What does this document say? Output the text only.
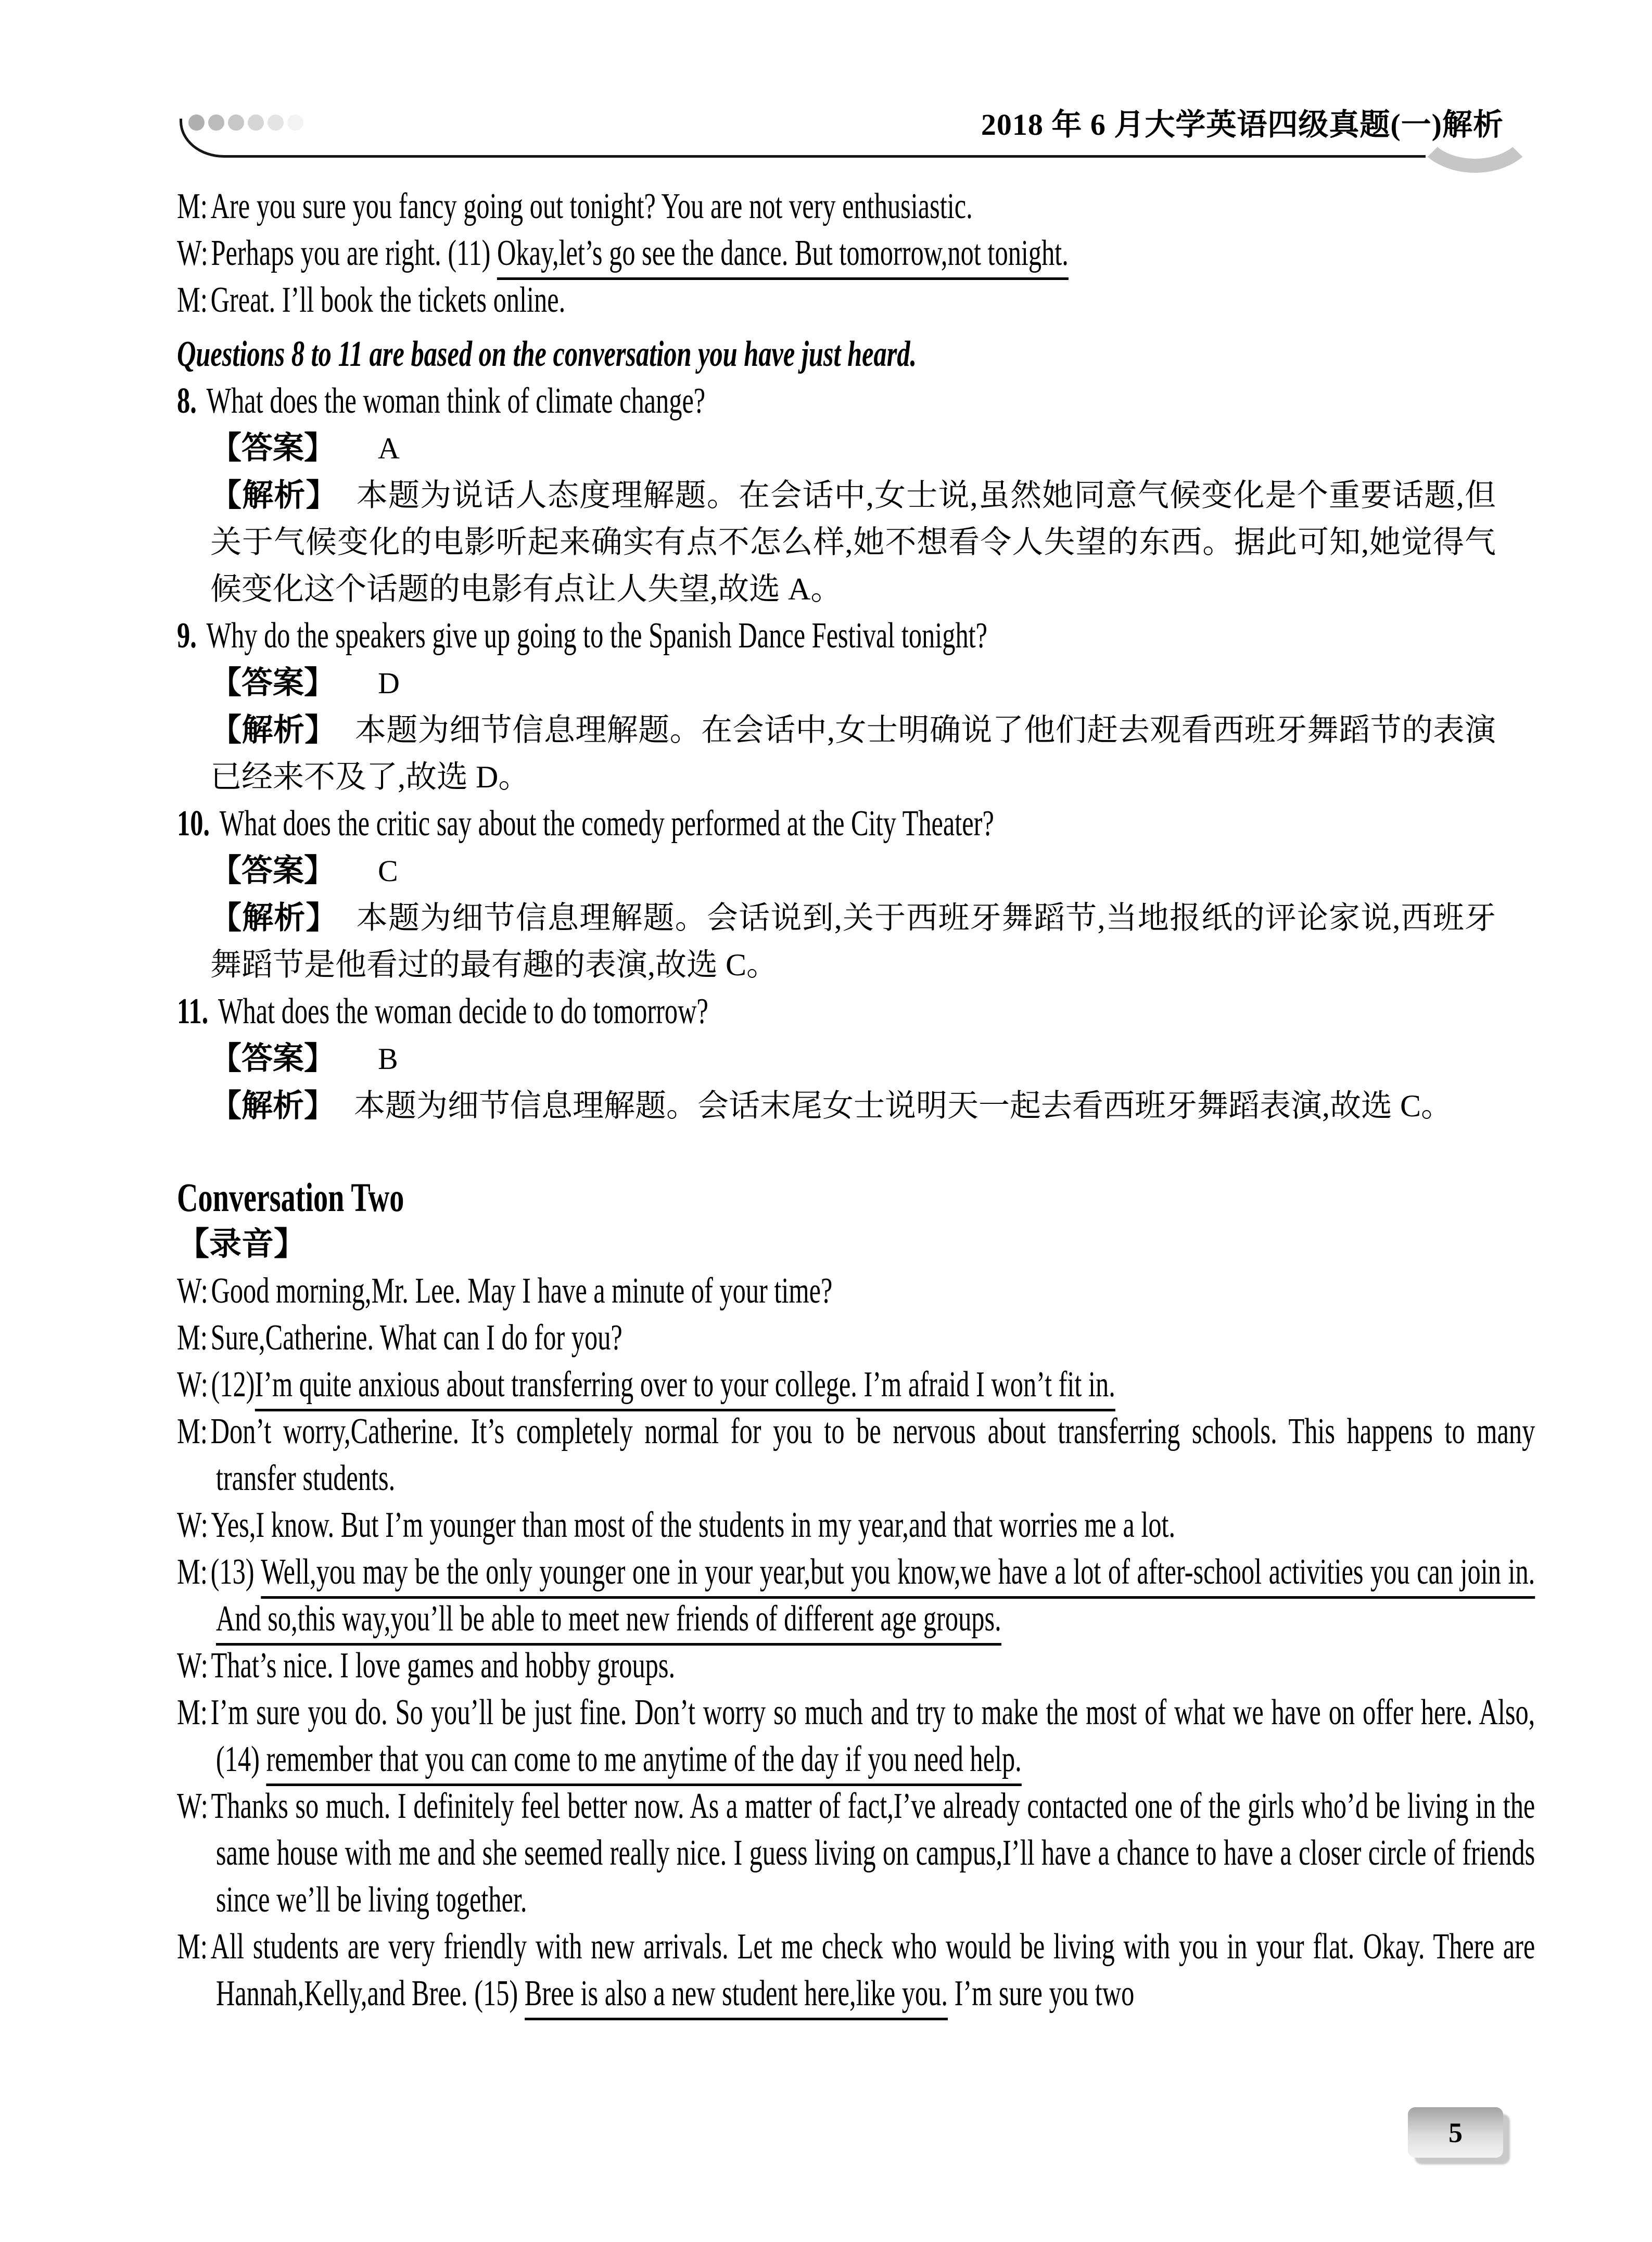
2018 年 6 月大学英语四级真题(一)解析

M:Are you sure you fancy going out tonight? You are not very enthusiastic.

W:Perhaps you are right. (11) Okay,let’s go see the dance. But tomorrow,not tonight.

M:Great. I’ll book the tickets online.

Questions 8 to 11 are based on the conversation you have just heard.

8. What does the woman think of climate change?

【答案】 A

【解析】 本题为说话人态度理解题。在会话中,女士说,虽然她同意气候变化是个重要话题,但关于气候变化的电影听起来确实有点不怎么样,她不想看令人失望的东西。据此可知,她觉得气候变化这个话题的电影有点让人失望,故选 A。

9. Why do the speakers give up going to the Spanish Dance Festival tonight?

【答案】 D

【解析】 本题为细节信息理解题。在会话中,女士明确说了他们赶去观看西班牙舞蹈节的表演已经来不及了,故选 D。

10. What does the critic say about the comedy performed at the City Theater?

【答案】 C

【解析】 本题为细节信息理解题。会话说到,关于西班牙舞蹈节,当地报纸的评论家说,西班牙舞蹈节是他看过的最有趣的表演,故选 C。

11. What does the woman decide to do tomorrow?

【答案】 B

【解析】 本题为细节信息理解题。会话末尾女士说明天一起去看西班牙舞蹈表演,故选 C。

Conversation Two

【录音】

W:Good morning,Mr. Lee. May I have a minute of your time?

M:Sure,Catherine. What can I do for you?

W:(12)I’m quite anxious about transferring over to your college. I’m afraid I won’t fit in.

M:Don’t worry,Catherine. It’s completely normal for you to be nervous about transferring schools. This happens to many transfer students.

W:Yes,I know. But I’m younger than most of the students in my year,and that worries me a lot.

M:(13) Well,you may be the only younger one in your year,but you know,we have a lot of after-school activities you can join in. And so,this way,you’ll be able to meet new friends of different age groups.

W:That’s nice. I love games and hobby groups.

M:I’m sure you do. So you’ll be just fine. Don’t worry so much and try to make the most of what we have on offer here. Also,(14) remember that you can come to me anytime of the day if you need help.

W:Thanks so much. I definitely feel better now. As a matter of fact,I’ve already contacted one of the girls who’d be living in the same house with me and she seemed really nice. I guess living on campus,I’ll have a chance to have a closer circle of friends since we’ll be living together.

M:All students are very friendly with new arrivals. Let me check who would be living with you in your flat. Okay. There are Hannah,Kelly,and Bree. (15) Bree is also a new student here,like you. I’m sure you two

5
